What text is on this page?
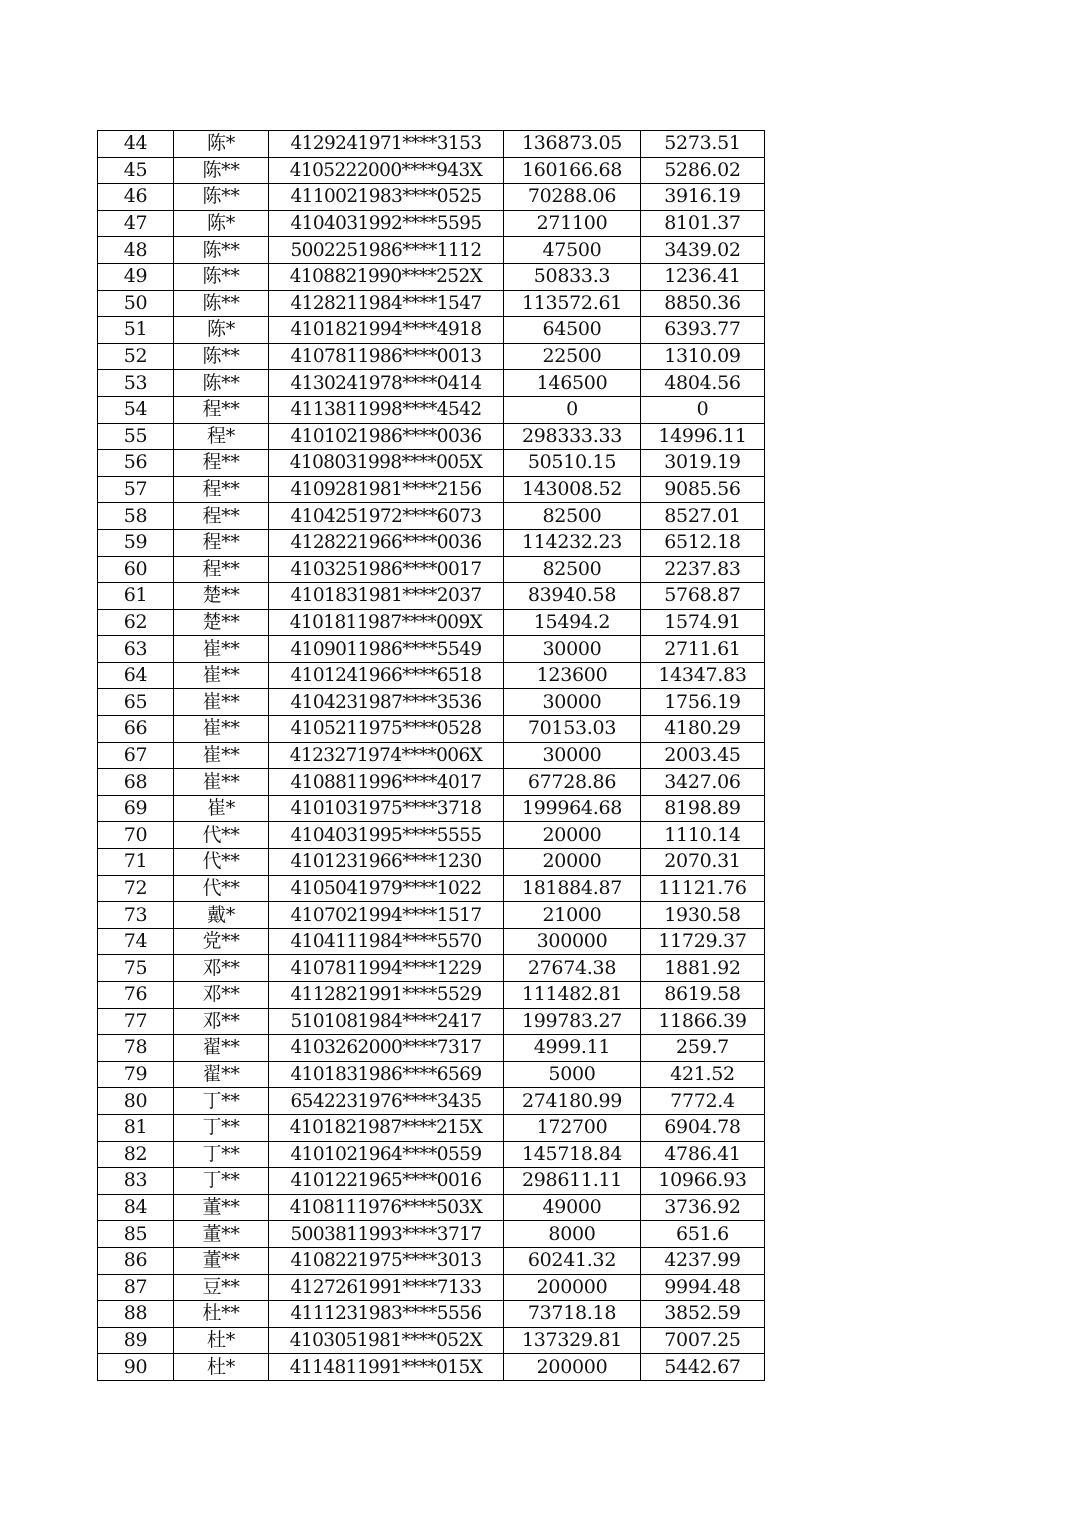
44	陈*	4129241971****3153	136873.05	5273.51
45	陈**	4105222000****943X	160166.68	5286.02
46	陈**	4110021983****0525	70288.06	3916.19
47	陈*	4104031992****5595	271100	8101.37
48	陈**	5002251986****1112	47500	3439.02
49	陈**	4108821990****252X	50833.3	1236.41
50	陈**	4128211984****1547	113572.61	8850.36
51	陈*	4101821994****4918	64500	6393.77
52	陈**	4107811986****0013	22500	1310.09
53	陈**	4130241978****0414	146500	4804.56
54	程**	4113811998****4542	0	0
55	程*	4101021986****0036	298333.33	14996.11
56	程**	4108031998****005X	50510.15	3019.19
57	程**	4109281981****2156	143008.52	9085.56
58	程**	4104251972****6073	82500	8527.01
59	程**	4128221966****0036	114232.23	6512.18
60	程**	4103251986****0017	82500	2237.83
61	楚**	4101831981****2037	83940.58	5768.87
62	楚**	4101811987****009X	15494.2	1574.91
63	崔**	4109011986****5549	30000	2711.61
64	崔**	4101241966****6518	123600	14347.83
65	崔**	4104231987****3536	30000	1756.19
66	崔**	4105211975****0528	70153.03	4180.29
67	崔**	4123271974****006X	30000	2003.45
68	崔**	4108811996****4017	67728.86	3427.06
69	崔*	4101031975****3718	199964.68	8198.89
70	代**	4104031995****5555	20000	1110.14
71	代**	4101231966****1230	20000	2070.31
72	代**	4105041979****1022	181884.87	11121.76
73	戴*	4107021994****1517	21000	1930.58
74	党**	4104111984****5570	300000	11729.37
75	邓**	4107811994****1229	27674.38	1881.92
76	邓**	4112821991****5529	111482.81	8619.58
77	邓**	5101081984****2417	199783.27	11866.39
78	翟**	4103262000****7317	4999.11	259.7
79	翟**	4101831986****6569	5000	421.52
80	丁**	6542231976****3435	274180.99	7772.4
81	丁**	4101821987****215X	172700	6904.78
82	丁**	4101021964****0559	145718.84	4786.41
83	丁**	4101221965****0016	298611.11	10966.93
84	董**	4108111976****503X	49000	3736.92
85	董**	5003811993****3717	8000	651.6
86	董**	4108221975****3013	60241.32	4237.99
87	豆**	4127261991****7133	200000	9994.48
88	杜**	4111231983****5556	73718.18	3852.59
89	杜*	4103051981****052X	137329.81	7007.25
90	杜*	4114811991****015X	200000	5442.67
